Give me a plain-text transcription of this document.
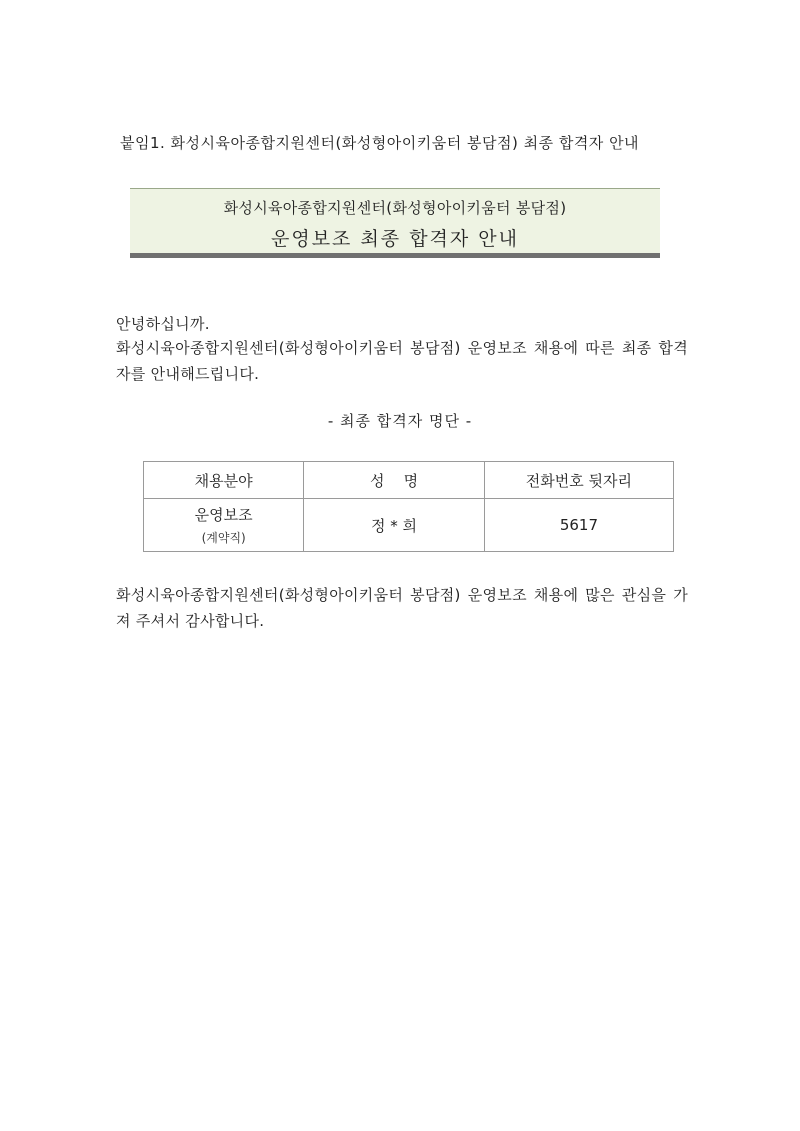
붙임1. 화성시육아종합지원센터(화성형아이키움터 봉담점) 최종 합격자 안내
화성시육아종합지원센터(화성형아이키움터 봉담점)
운영보조 최종 합격자 안내
안녕하십니까.
화성시육아종합지원센터(화성형아이키움터 봉담점) 운영보조 채용에 따른 최종 합격자를 안내해드립니다.
- 최종 합격자 명단 -
채용분야	성    명	전화번호 뒷자리
운영보조
(계약직)	정 * 희	5617
화성시육아종합지원센터(화성형아이키움터 봉담점) 운영보조 채용에 많은 관심을 가져 주셔서 감사합니다.
